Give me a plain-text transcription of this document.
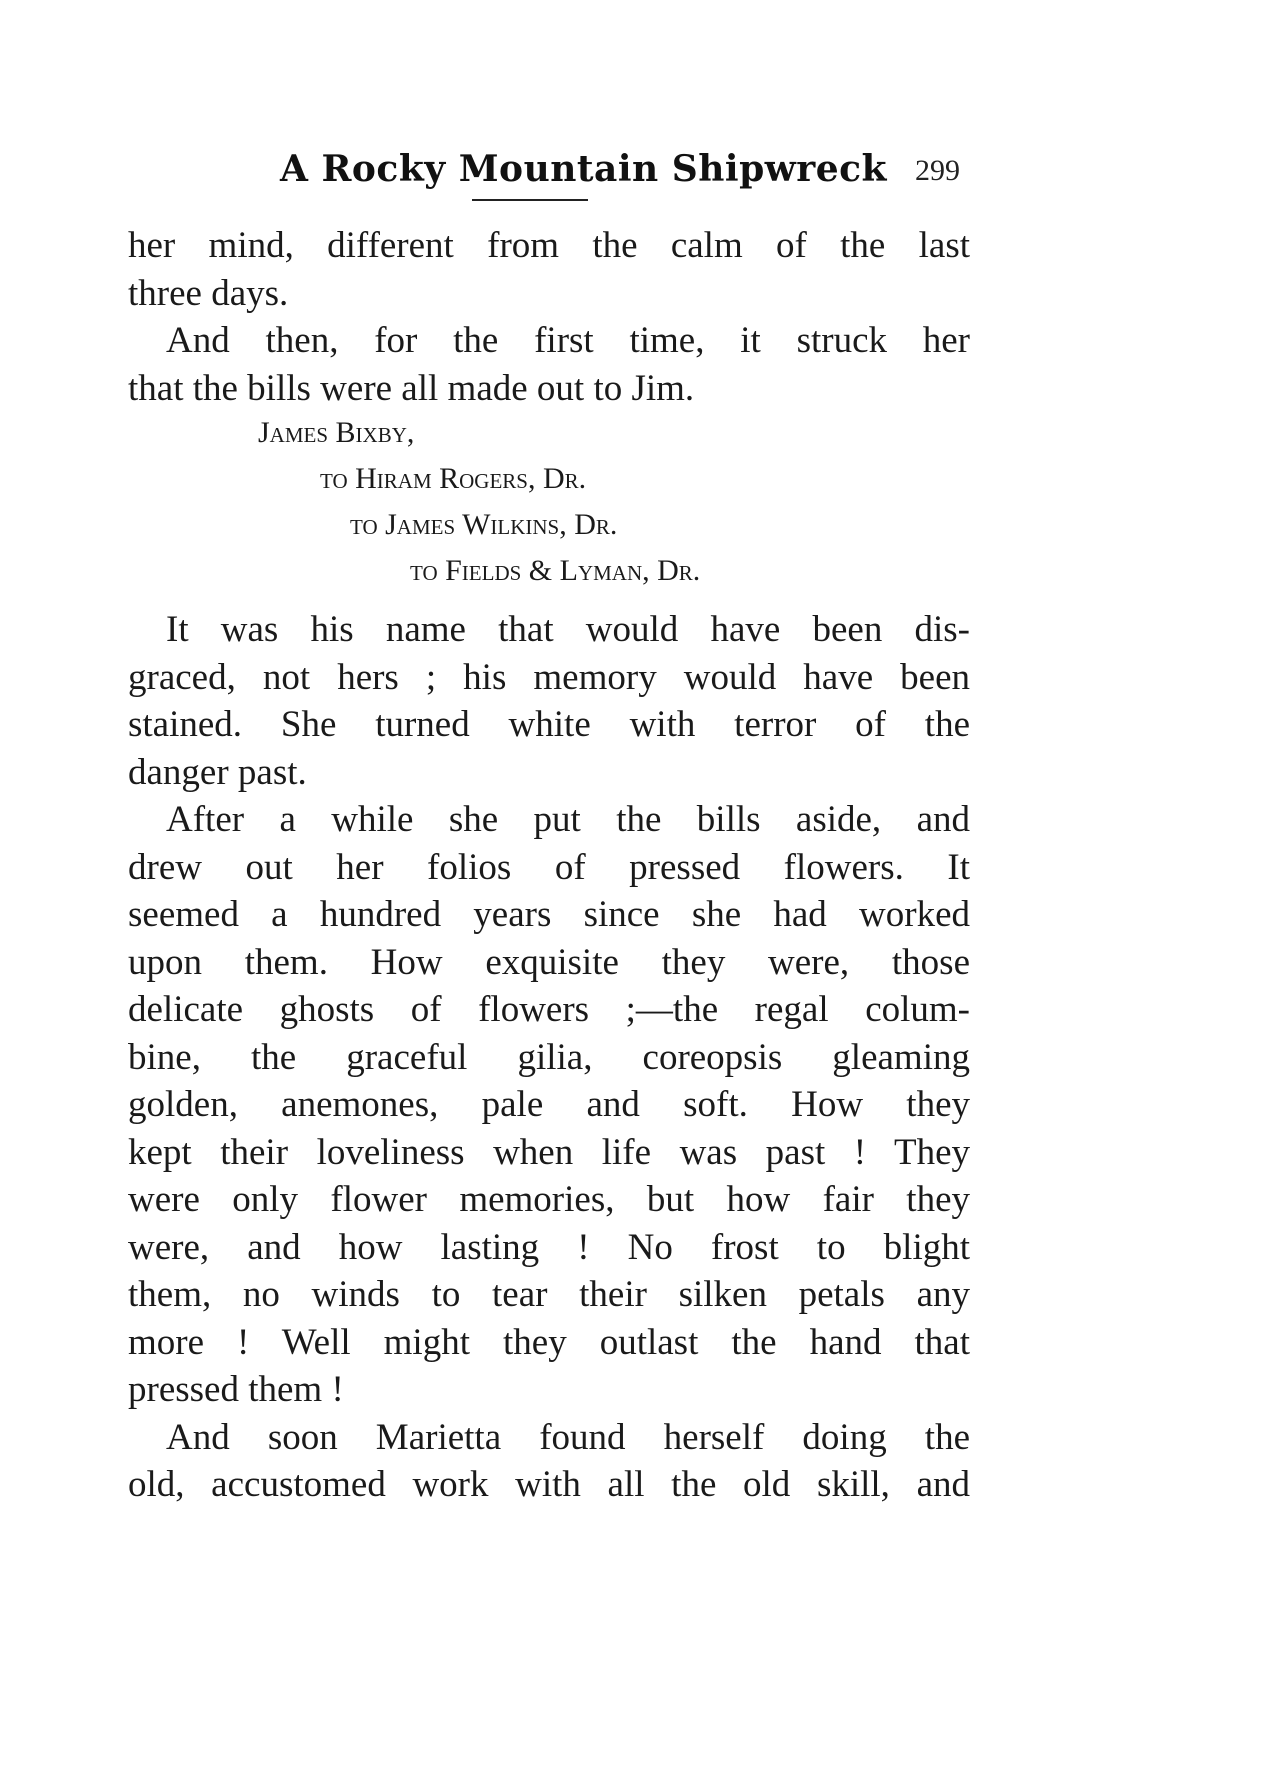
A Rocky Mountain Shipwreck 299
her mind, different from the calm of the last
three days.
And then, for the first time, it struck her
that the bills were all made out to Jim.
James Bixby,
to Hiram Rogers, Dr.
to James Wilkins, Dr.
to Fields & Lyman, Dr.
It was his name that would have been dis-
graced, not hers ; his memory would have been
stained. She turned white with terror of the
danger past.
After a while she put the bills aside, and
drew out her folios of pressed flowers. It
seemed a hundred years since she had worked
upon them. How exquisite they were, those
delicate ghosts of flowers ;—the regal colum-
bine, the graceful gilia, coreopsis gleaming
golden, anemones, pale and soft. How they
kept their loveliness when life was past ! They
were only flower memories, but how fair they
were, and how lasting ! No frost to blight
them, no winds to tear their silken petals any
more ! Well might they outlast the hand that
pressed them !
And soon Marietta found herself doing the
old, accustomed work with all the old skill, and
